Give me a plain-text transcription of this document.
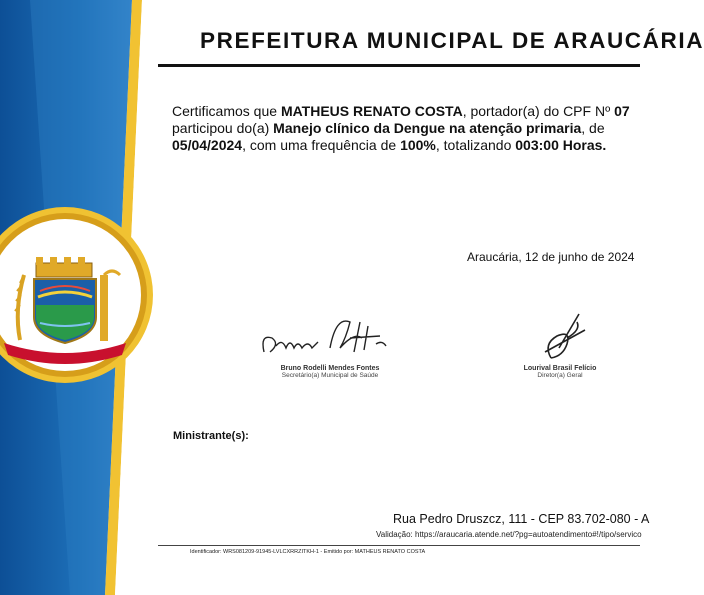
PREFEITURA MUNICIPAL DE ARAUCÁRIA
Certificamos que MATHEUS RENATO COSTA, portador(a) do CPF Nº 07
participou do(a) Manejo clínico da Dengue na atenção primaria, de
05/04/2024, com uma frequência de 100%, totalizando 003:00 Horas.
Araucária, 12 de junho de 2024
Bruno Rodelli Mendes Fontes
Secretário(a) Municipal de Saúde
Lourival Brasil Felício
Diretor(a) Geral
Ministrante(s):
Rua Pedro Druszcz, 111 - CEP 83.702-080 - A
Validação: https://araucaria.atende.net/?pg=autoatendimento#!/tipo/servico
Identificador: WRS081209-91945-LVLCXRRZITKH-1 - Emitido por: MATHEUS RENATO COSTA
